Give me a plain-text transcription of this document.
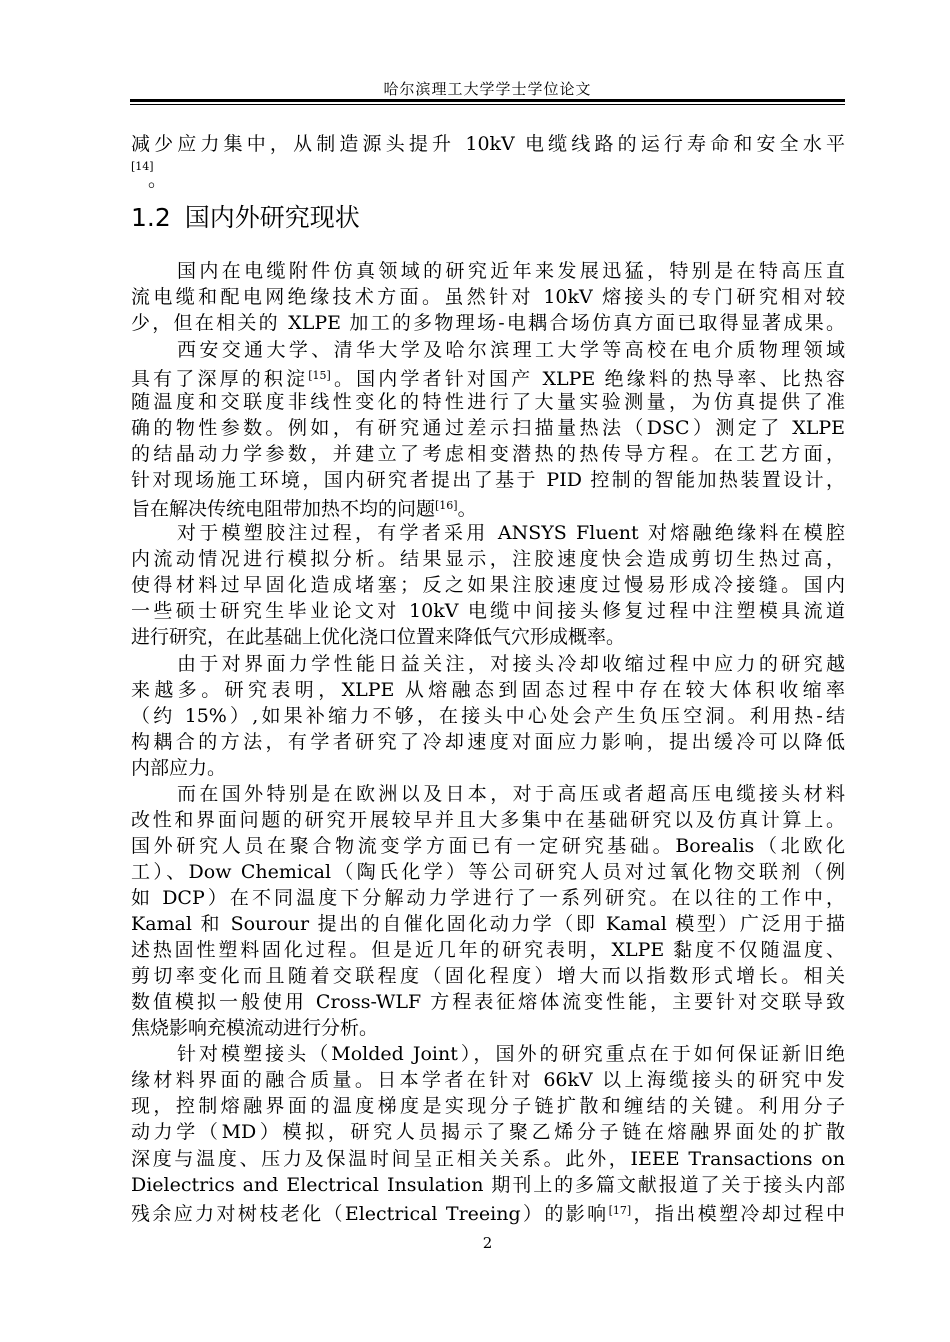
哈尔滨理工大学学士学位论文
减少应力集中，从制造源头提升 10kV 电缆线路的运行寿命和安全水平
[14]
。
1.2 国内外研究现状
国内在电缆附件仿真领域的研究近年来发展迅猛，特别是在特高压直
流电缆和配电网绝缘技术方面。虽然针对 10kV 熔接头的专门研究相对较
少，但在相关的 XLPE 加工的多物理场-电耦合场仿真方面已取得显著成果。
西安交通大学、清华大学及哈尔滨理工大学等高校在电介质物理领域
具有了深厚的积淀[15]。国内学者针对国产 XLPE 绝缘料的热导率、比热容
随温度和交联度非线性变化的特性进行了大量实验测量，为仿真提供了准
确的物性参数。例如，有研究通过差示扫描量热法（DSC）测定了 XLPE
的结晶动力学参数，并建立了考虑相变潜热的热传导方程。在工艺方面，
针对现场施工环境，国内研究者提出了基于 PID 控制的智能加热装置设计，
旨在解决传统电阻带加热不均的问题[16]。
对于模塑胶注过程，有学者采用 ANSYS Fluent 对熔融绝缘料在模腔
内流动情况进行模拟分析。结果显示，注胶速度快会造成剪切生热过高，
使得材料过早固化造成堵塞；反之如果注胶速度过慢易形成冷接缝。国内
一些硕士研究生毕业论文对 10kV 电缆中间接头修复过程中注塑模具流道
进行研究，在此基础上优化浇口位置来降低气穴形成概率。
由于对界面力学性能日益关注，对接头冷却收缩过程中应力的研究越
来越多。研究表明，XLPE 从熔融态到固态过程中存在较大体积收缩率
（约 15%）,如果补缩力不够，在接头中心处会产生负压空洞。利用热-结
构耦合的方法，有学者研究了冷却速度对面应力影响，提出缓冷可以降低
内部应力。
而在国外特别是在欧洲以及日本，对于高压或者超高压电缆接头材料
改性和界面问题的研究开展较早并且大多集中在基础研究以及仿真计算上。
国外研究人员在聚合物流变学方面已有一定研究基础。Borealis（北欧化
工）、Dow Chemical（陶氏化学）等公司研究人员对过氧化物交联剂（例
如 DCP）在不同温度下分解动力学进行了一系列研究。在以往的工作中，
Kamal 和 Sourour 提出的自催化固化动力学（即 Kamal 模型）广泛用于描
述热固性塑料固化过程。但是近几年的研究表明，XLPE 黏度不仅随温度、
剪切率变化而且随着交联程度（固化程度）增大而以指数形式增长。相关
数值模拟一般使用 Cross-WLF 方程表征熔体流变性能，主要针对交联导致
焦烧影响充模流动进行分析。
针对模塑接头（Molded Joint），国外的研究重点在于如何保证新旧绝
缘材料界面的融合质量。日本学者在针对 66kV 以上海缆接头的研究中发
现，控制熔融界面的温度梯度是实现分子链扩散和缠结的关键。利用分子
动力学（MD）模拟，研究人员揭示了聚乙烯分子链在熔融界面处的扩散
深度与温度、压力及保温时间呈正相关关系。此外，IEEE Transactions on
Dielectrics and Electrical Insulation 期刊上的多篇文献报道了关于接头内部
残余应力对树枝老化（Electrical Treeing）的影响[17]，指出模塑冷却过程中
2
